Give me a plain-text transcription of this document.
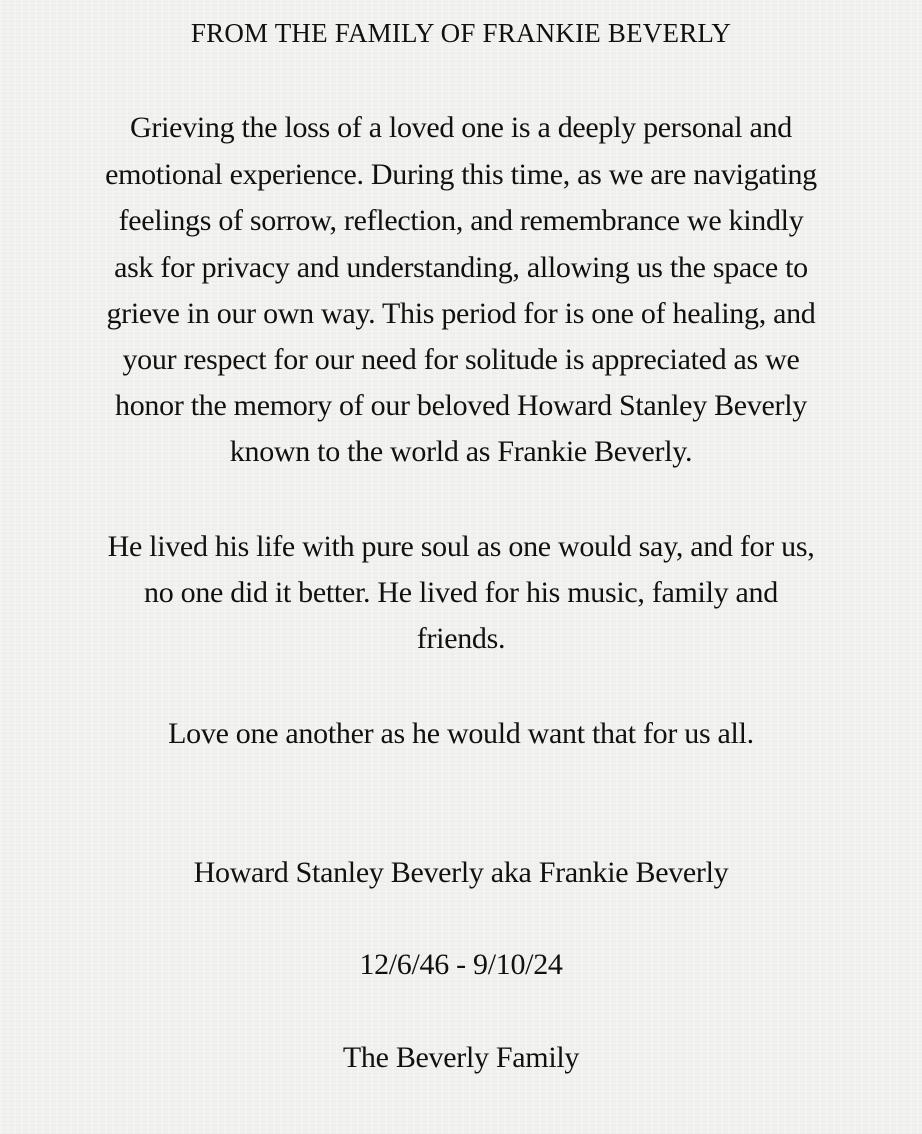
FROM THE FAMILY OF FRANKIE BEVERLY
Grieving the loss of a loved one is a deeply personal and
emotional experience. During this time, as we are navigating
feelings of sorrow, reflection, and remembrance we kindly
ask for privacy and understanding, allowing us the space to
grieve in our own way. This period for is one of healing, and
your respect for our need for solitude is appreciated as we
honor the memory of our beloved Howard Stanley Beverly
known to the world as Frankie Beverly.
He lived his life with pure soul as one would say, and for us,
no one did it better. He lived for his music, family and
friends.
Love one another as he would want that for us all.
Howard Stanley Beverly aka Frankie Beverly
12/6/46 - 9/10/24
The Beverly Family
